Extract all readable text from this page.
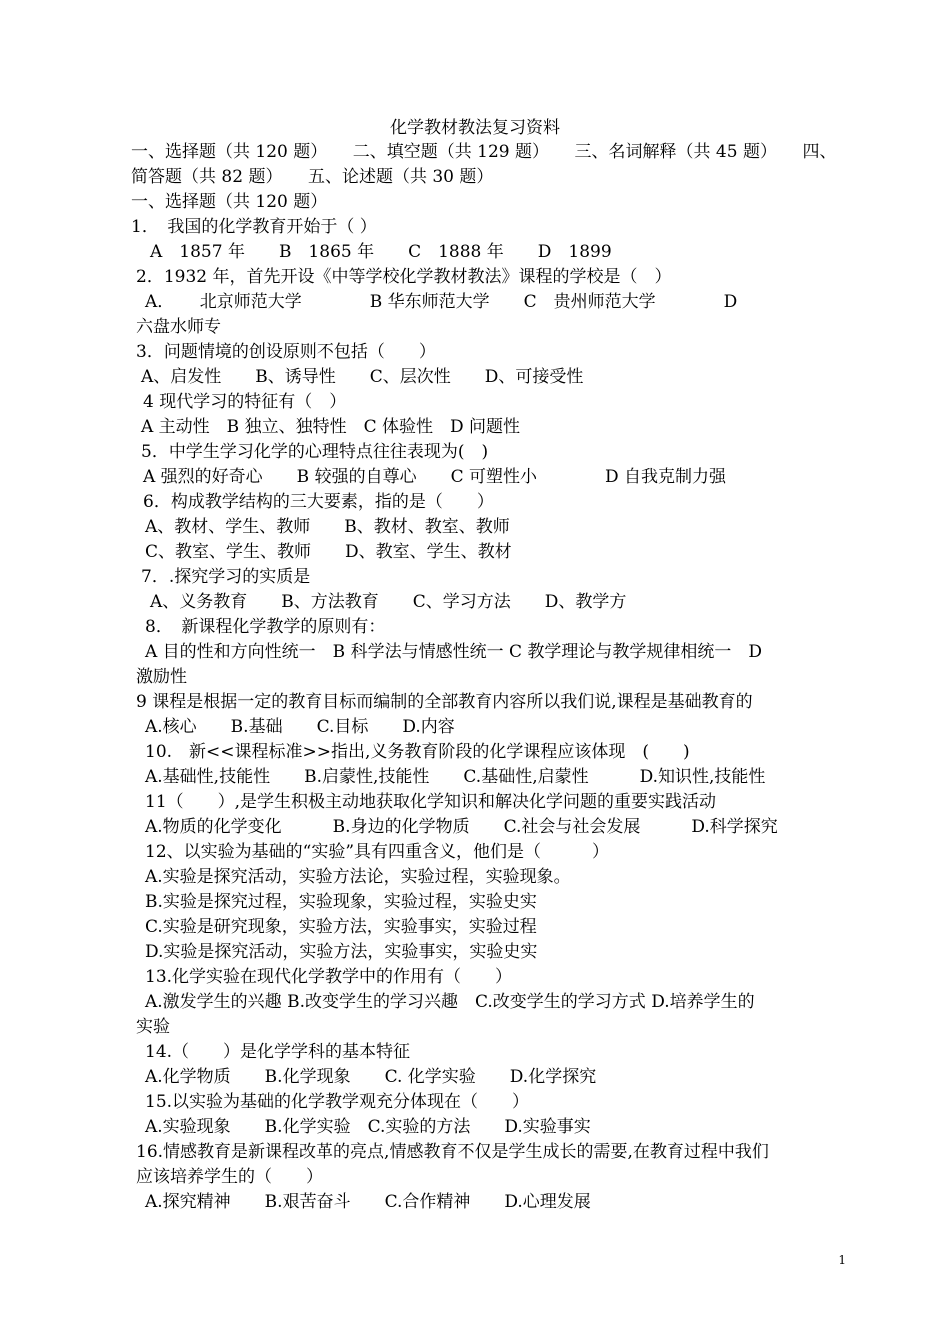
化学教材教法复习资料
一、选择题（共 120 题）　　二、填空题（共 129 题）　　三、名词解释（共 45 题）　　四、
简答题（共 82 题）　　五、论述题（共 30 题）
一、选择题（共 120 题）
1．　我国的化学教育开始于（ ）
A　1857 年　　B　1865 年　　C　1888 年　　D　1899
2．1932 年，首先开设《中等学校化学教材教法》课程的学校是（　）
A．　　北京师范大学　　　　B 华东师范大学　　C　贵州师范大学　　　　D
六盘水师专
3．问题情境的创设原则不包括（　　）
A、启发性　　B、诱导性　　C、层次性　　D、可接受性
4 现代学习的特征有（　）
A 主动性　B 独立、独特性　C 体验性　D 问题性
5．中学生学习化学的心理特点往往表现为(　)
A 强烈的好奇心　　B 较强的自尊心　　C 可塑性小　　　　D 自我克制力强
6．构成教学结构的三大要素，指的是（　　）
A、教材、学生、教师　　B、教材、教室、教师
C、教室、学生、教师　　D、教室、学生、教材
7．.探究学习的实质是
A、义务教育　　B、方法教育　　C、学习方法　　D、教学方
8．　新课程化学教学的原则有：
A 目的性和方向性统一　B 科学法与情感性统一 C 教学理论与教学规律相统一　D
激励性
9 课程是根据一定的教育目标而编制的全部教育内容所以我们说,课程是基础教育的
A.核心　　B.基础　　C.目标　　D.内容
10.　新<<课程标准>>指出,义务教育阶段的化学课程应该体现　(　　)
A.基础性,技能性　　B.启蒙性,技能性　　C.基础性,启蒙性　　　D.知识性,技能性
11（　　）,是学生积极主动地获取化学知识和解决化学问题的重要实践活动
A.物质的化学变化　　　B.身边的化学物质　　C.社会与社会发展　　　D.科学探究
12、以实验为基础的“实验”具有四重含义，他们是（　　　）
A.实验是探究活动，实验方法论，实验过程，实验现象。
B.实验是探究过程，实验现象，实验过程，实验史实
C.实验是研究现象，实验方法，实验事实，实验过程
D.实验是探究活动，实验方法，实验事实，实验史实
13.化学实验在现代化学教学中的作用有（　　）
A.激发学生的兴趣 B.改变学生的学习兴趣　C.改变学生的学习方式 D.培养学生的
实验
14.（　　）是化学学科的基本特征
A.化学物质　　B.化学现象　　C. 化学实验　　D.化学探究
15.以实验为基础的化学教学观充分体现在（　　）
A.实验现象　　B.化学实验　C.实验的方法　　D.实验事实
16.情感教育是新课程改革的亮点,情感教育不仅是学生成长的需要,在教育过程中我们
应该培养学生的（　　）
A.探究精神　　B.艰苦奋斗　　C.合作精神　　D.心理发展
1
